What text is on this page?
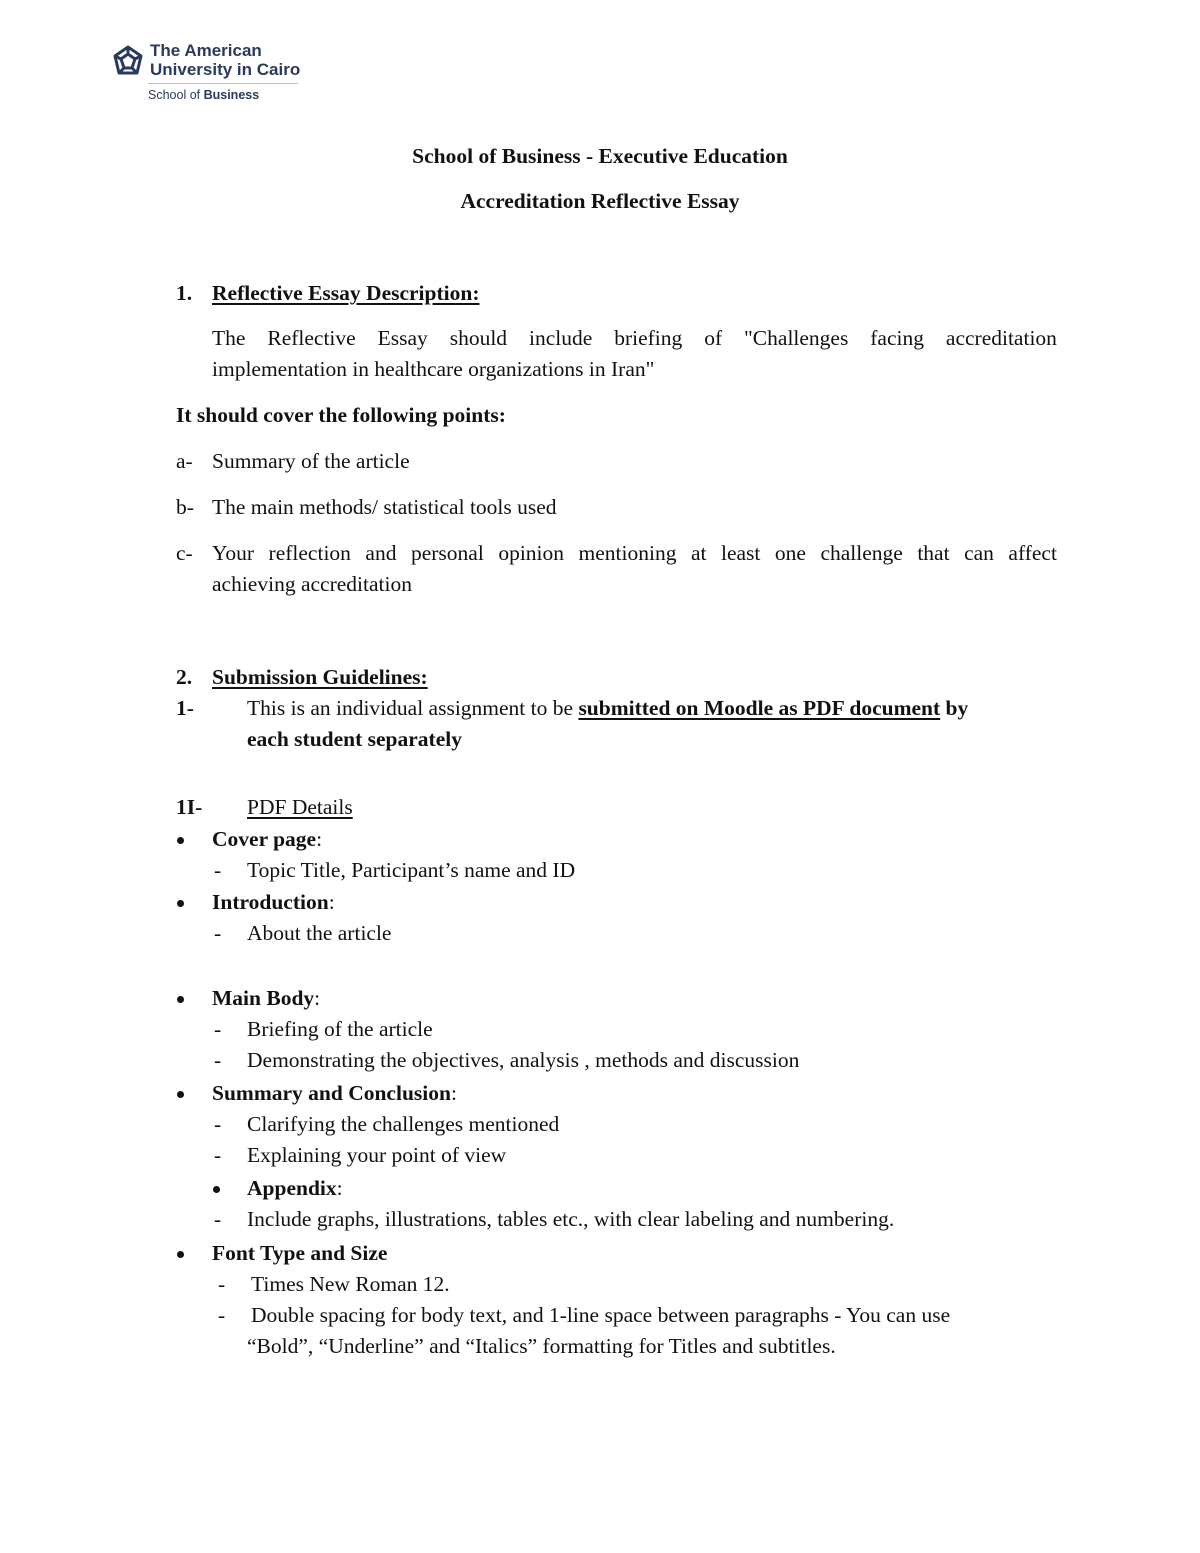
The American
University in Cairo
School of Business
School of Business - Executive Education
Accreditation Reflective Essay
1. Reflective Essay Description:
The Reflective Essay should include briefing of "Challenges facing accreditation
implementation in healthcare organizations in Iran"
It should cover the following points:
a- Summary of the article
b- The main methods/ statistical tools used
c- Your reflection and personal opinion mentioning at least one challenge that can affect
achieving accreditation
2. Submission Guidelines:
1- This is an individual assignment to be submitted on Moodle as PDF document by
each student separately
1I- PDF Details
Cover page:
- Topic Title, Participant’s name and ID
Introduction:
- About the article
Main Body:
- Briefing of the article
- Demonstrating the objectives, analysis , methods and discussion
Summary and Conclusion:
- Clarifying the challenges mentioned
- Explaining your point of view
Appendix:
- Include graphs, illustrations, tables etc., with clear labeling and numbering.
Font Type and Size
- Times New Roman 12.
- Double spacing for body text, and 1-line space between paragraphs - You can use
“Bold”, “Underline” and “Italics” formatting for Titles and subtitles.
